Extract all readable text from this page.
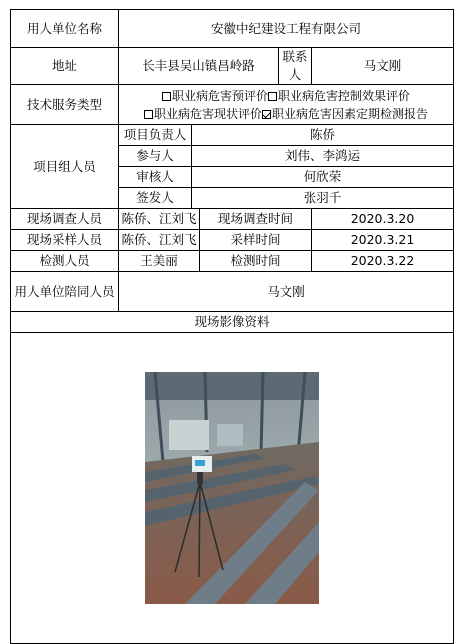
用人单位名称	安徽中纪建设工程有限公司				
地址	长丰县吴山镇昌岭路			联系人	马文刚
技术服务类型	职业病危害预评价 职业病危害控制效果评价
职业病危害现状评价 职业病危害因素定期检测报告				

项目组人员	项目负责人	陈侨			
	参与人	刘伟、李鸿运			
	审核人	何欣荣			
	签发人	张羽千			
现场调查人员	陈侨、江刘飞		现场调查时间		2020.3.20
现场采样人员	陈侨、江刘飞		采样时间		2020.3.21
检测人员	王美丽		检测时间		2020.3.22
用人单位陪同人员	马文刚				
现场影像资料					
